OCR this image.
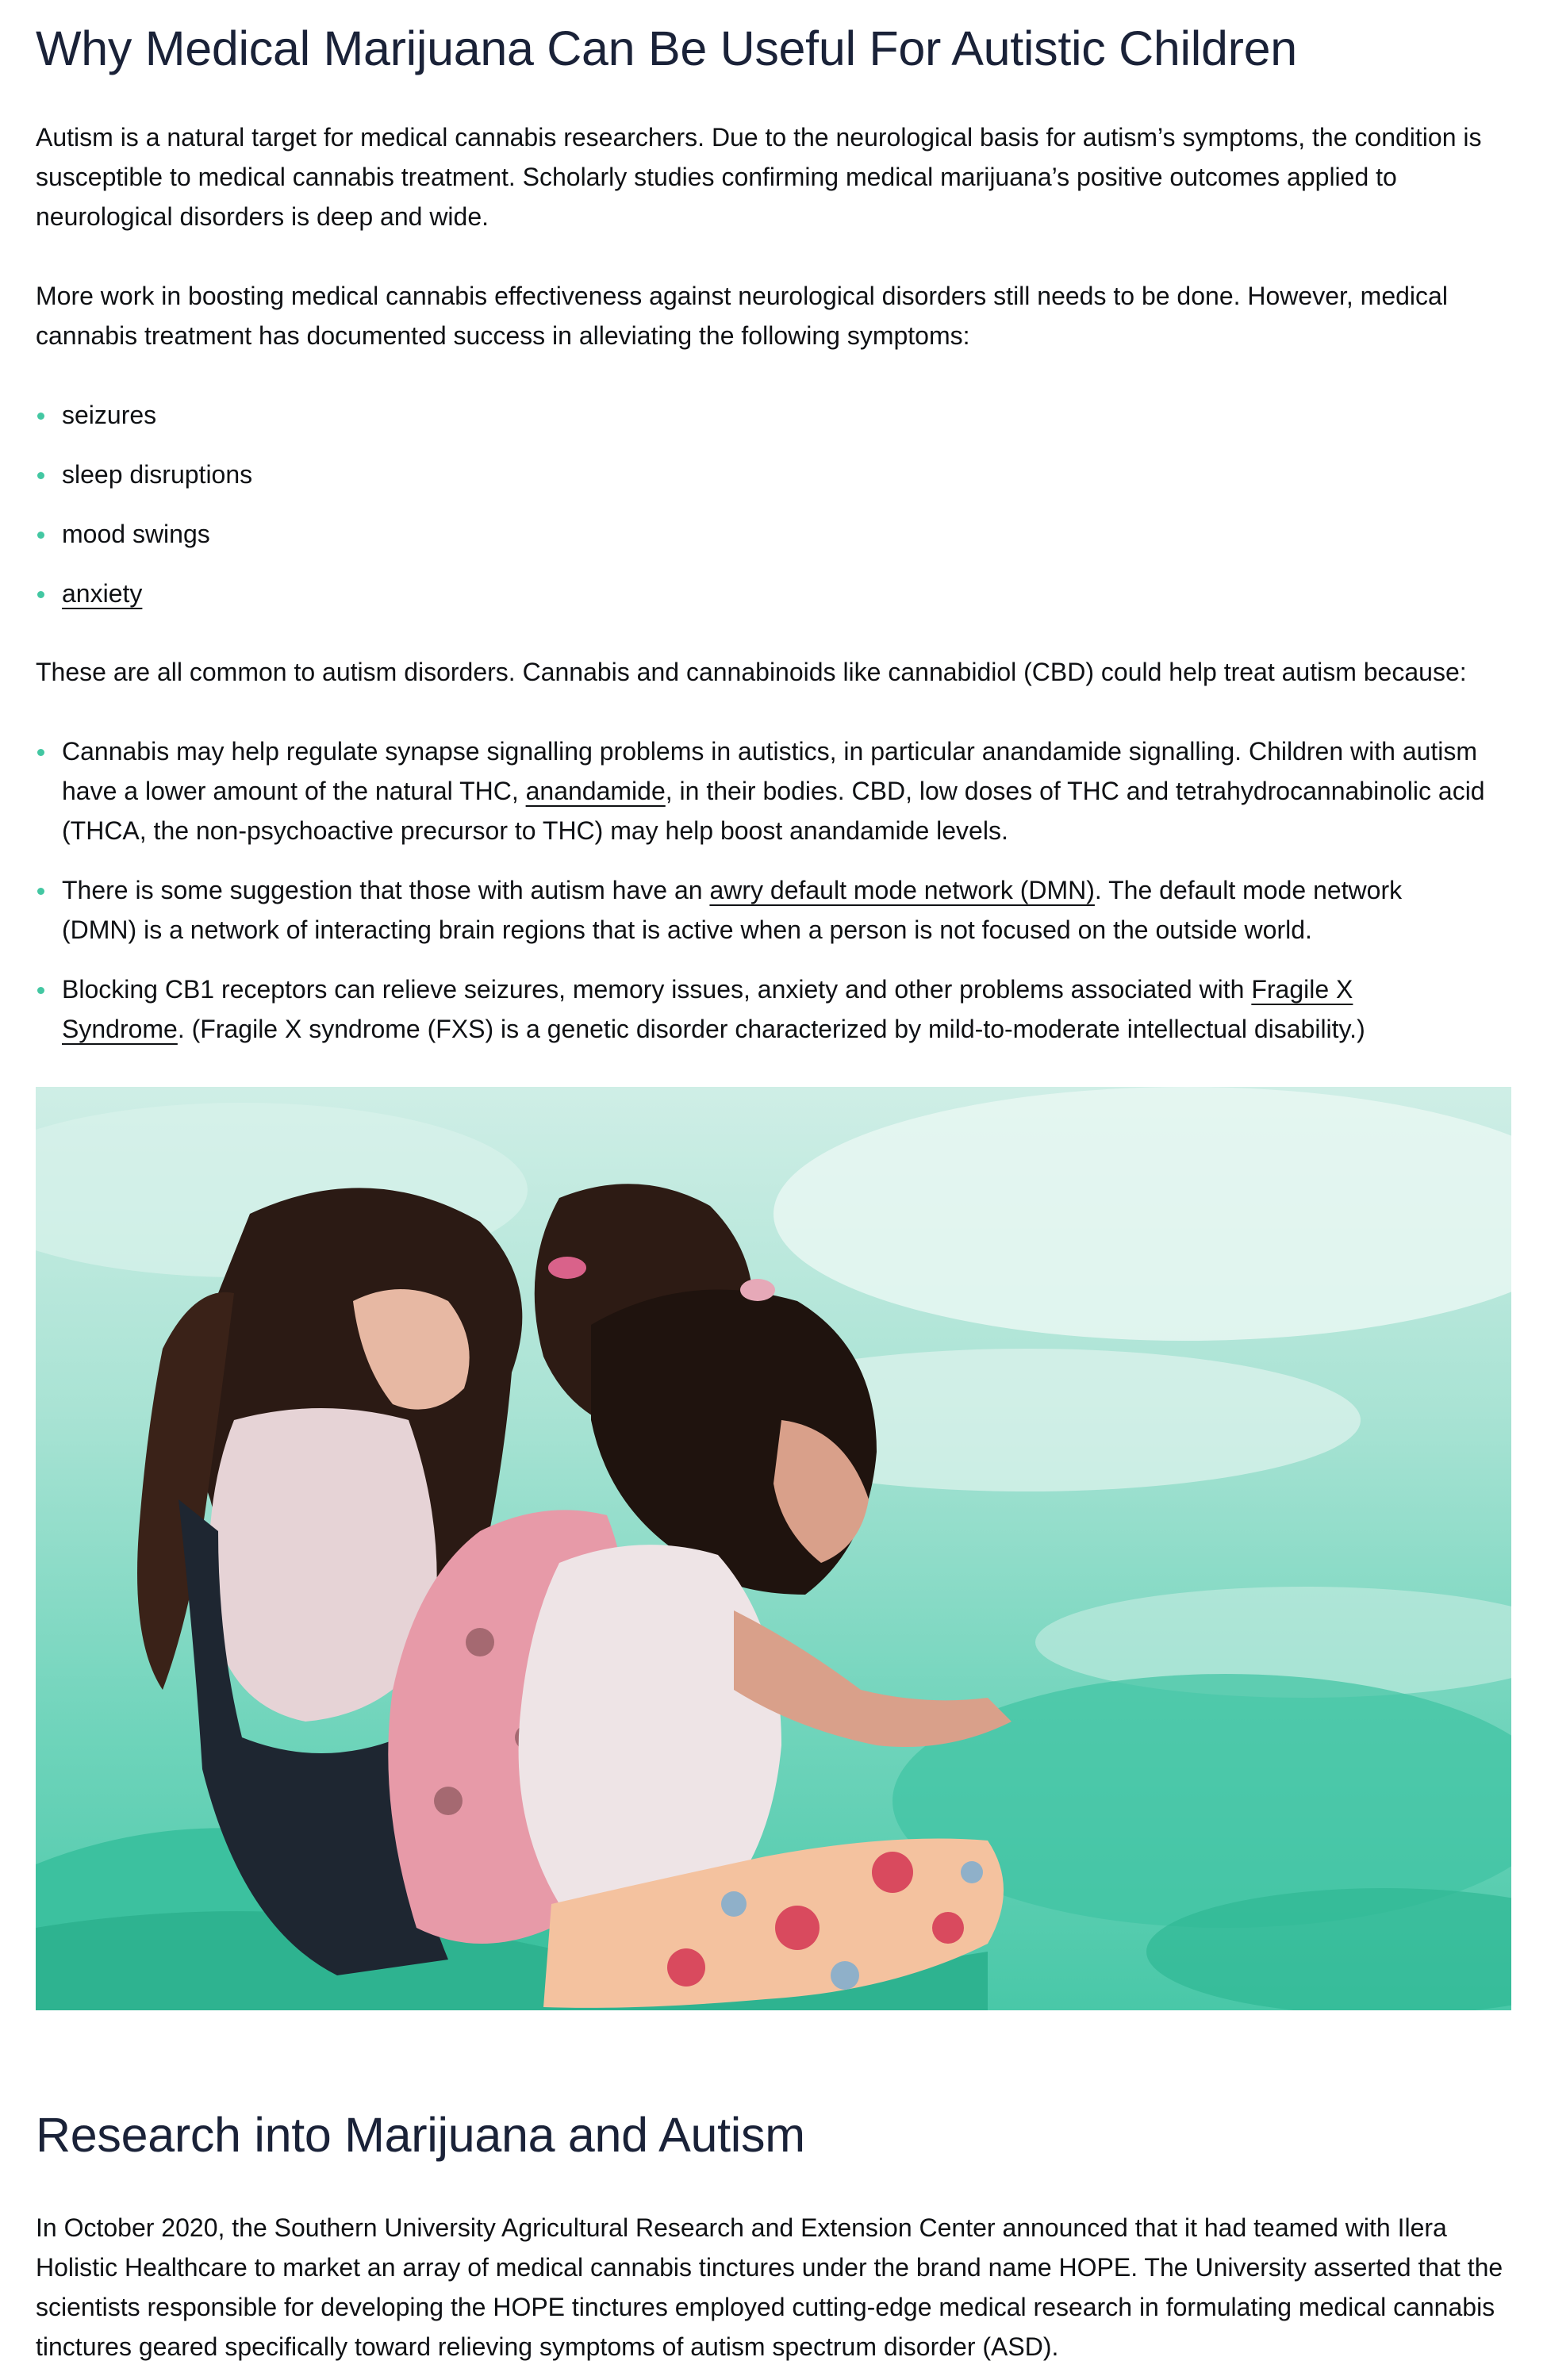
Why Medical Marijuana Can Be Useful For Autistic Children

Autism is a natural target for medical cannabis researchers. Due to the neurological basis for autism’s symptoms, the condition is susceptible to medical cannabis treatment. Scholarly studies confirming medical marijuana’s positive outcomes applied to neurological disorders is deep and wide.

More work in boosting medical cannabis effectiveness against neurological disorders still needs to be done. However, medical cannabis treatment has documented success in alleviating the following symptoms:

seizures
sleep disruptions
mood swings
anxiety

These are all common to autism disorders. Cannabis and cannabinoids like cannabidiol (CBD) could help treat autism because:

Cannabis may help regulate synapse signalling problems in autistics, in particular anandamide signalling. Children with autism have a lower amount of the natural THC, anandamide, in their bodies. CBD, low doses of THC and tetrahydrocannabinolic acid (THCA, the non-psychoactive precursor to THC) may help boost anandamide levels.
There is some suggestion that those with autism have an awry default mode network (DMN). The default mode network (DMN) is a network of interacting brain regions that is active when a person is not focused on the outside world.
Blocking CB1 receptors can relieve seizures, memory issues, anxiety and other problems associated with Fragile X Syndrome. (Fragile X syndrome (FXS) is a genetic disorder characterized by mild-to-moderate intellectual disability.)
Research into Marijuana and Autism

In October 2020, the Southern University Agricultural Research and Extension Center announced that it had teamed with Ilera Holistic Healthcare to market an array of medical cannabis tinctures under the brand name HOPE. The University asserted that the scientists responsible for developing the HOPE tinctures employed cutting-edge medical research in formulating medical cannabis tinctures geared specifically toward relieving symptoms of autism spectrum disorder (ASD).
